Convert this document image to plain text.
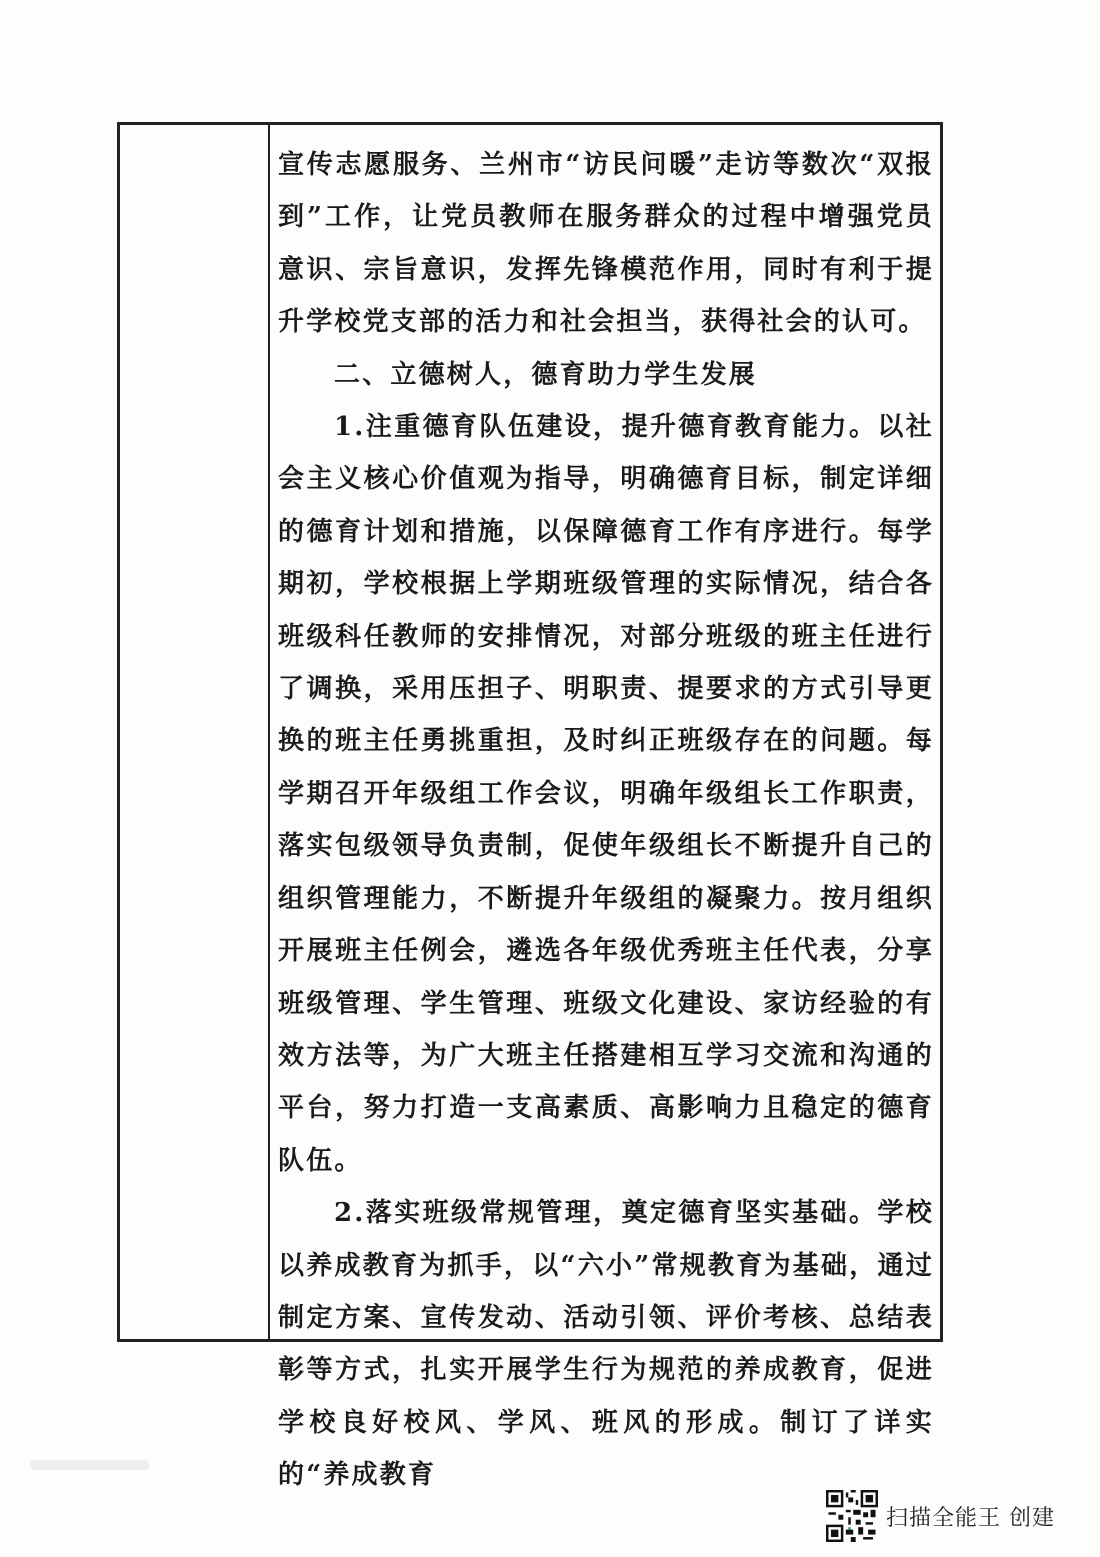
宣传志愿服务、兰州市“访民问暖”走访等数次“双报到”工作，让党员教师在服务群众的过程中增强党员意识、宗旨意识，发挥先锋模范作用，同时有利于提升学校党支部的活力和社会担当，获得社会的认可。

二、立德树人，德育助力学生发展

1.注重德育队伍建设，提升德育教育能力。以社会主义核心价值观为指导，明确德育目标，制定详细的德育计划和措施，以保障德育工作有序进行。每学期初，学校根据上学期班级管理的实际情况，结合各班级科任教师的安排情况，对部分班级的班主任进行了调换，采用压担子、明职责、提要求的方式引导更换的班主任勇挑重担，及时纠正班级存在的问题。每学期召开年级组工作会议，明确年级组长工作职责，落实包级领导负责制，促使年级组长不断提升自己的组织管理能力，不断提升年级组的凝聚力。按月组织开展班主任例会，遴选各年级优秀班主任代表，分享班级管理、学生管理、班级文化建设、家访经验的有效方法等，为广大班主任搭建相互学习交流和沟通的平台，努力打造一支高素质、高影响力且稳定的德育队伍。

2.落实班级常规管理，奠定德育坚实基础。学校以养成教育为抓手，以“六小”常规教育为基础，通过制定方案、宣传发动、活动引领、评价考核、总结表彰等方式，扎实开展学生行为规范的养成教育，促进学校良好校风、学风、班风的形成。制订了详实的“养成教育

扫描全能王 创建
